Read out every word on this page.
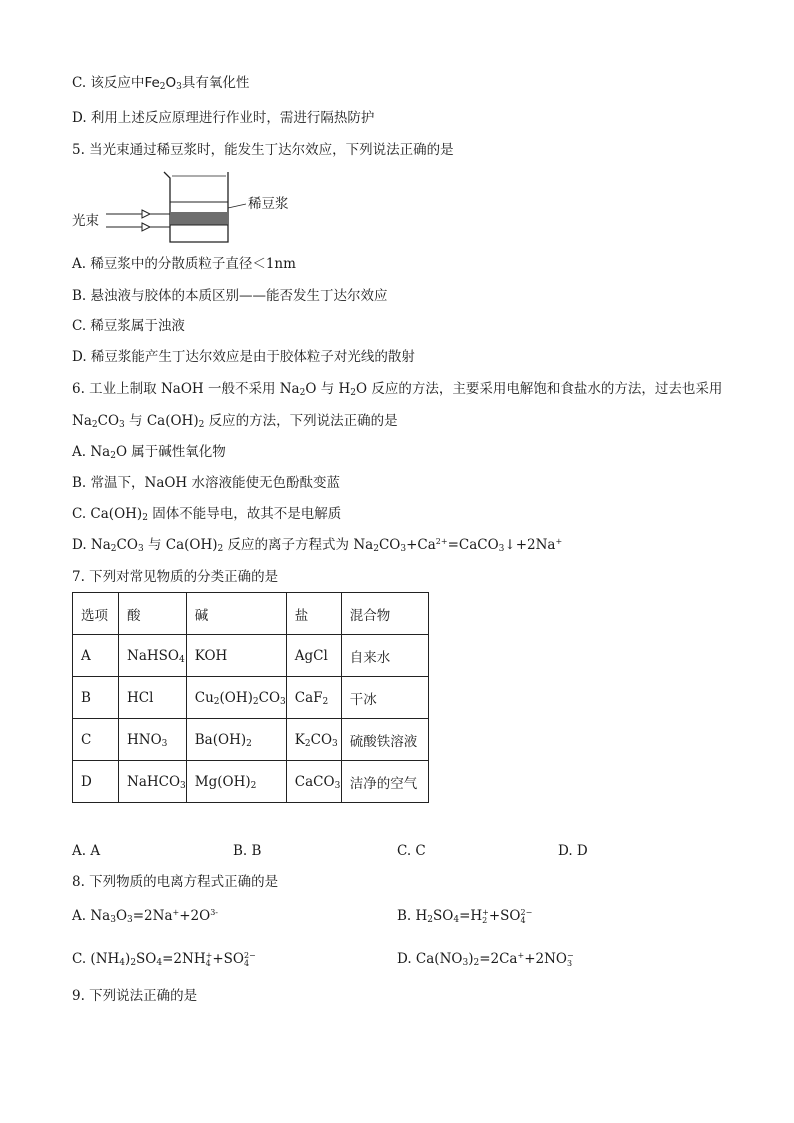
C. 该反应中$Fe_2O_3$具有氧化性
D. 利用上述反应原理进行作业时，需进行隔热防护
5. 当光束通过稀豆浆时，能发生丁达尔效应，下列说法正确的是
光束
稀豆浆
A. 稀豆浆中的分散质粒子直径＜1nm
B. 悬浊液与胶体的本质区别——能否发生丁达尔效应
C. 稀豆浆属于浊液
D. 稀豆浆能产生丁达尔效应是由于胶体粒子对光线的散射
6. 工业上制取 NaOH 一般不采用 $Na_2O$ 与 $H_2O$ 反应的方法，主要采用电解饱和食盐水的方法，过去也采用
$Na_2CO_3$ 与 $Ca(OH)_2$ 反应的方法，下列说法正确的是
A. $Na_2O$ 属于碱性氧化物
B. 常温下，NaOH 水溶液能使无色酚酞变蓝
C. $Ca(OH)_2$ 固体不能导电，故其不是电解质
D. $Na_2CO_3$ 与 $Ca(OH)_2$ 反应的离子方程式为 $Na_2CO_3+Ca^{2+}=CaCO_3↓+2Na^+$
7. 下列对常见物质的分类正确的是
选项	酸	碱	盐	混合物
A	NaHSO$_4$	KOH	AgCl	自来水
B	HCl	$Cu_2(OH)_2CO_3$	CaF$_2$	干冰
C	$HNO_3$	$Ba(OH)_2$	$K_2CO_3$	硫酸铁溶液
D	NaHCO$_3$	$Mg(OH)_2$	CaCO$_3$	洁净的空气
A. A	B. B	C. C	D. D
8. 下列物质的电离方程式正确的是
A. $Na_3O_3=2Na^++2O^{3-}$	B. $H_2SO_4=H$ +
2 +SO 2−
4
C. $(NH_4)_2SO_4=2NH$ +
4 +SO 2−
4	D. $Ca(NO_3)_2=2Ca^++2NO$ −
3
9. 下列说法正确的是
